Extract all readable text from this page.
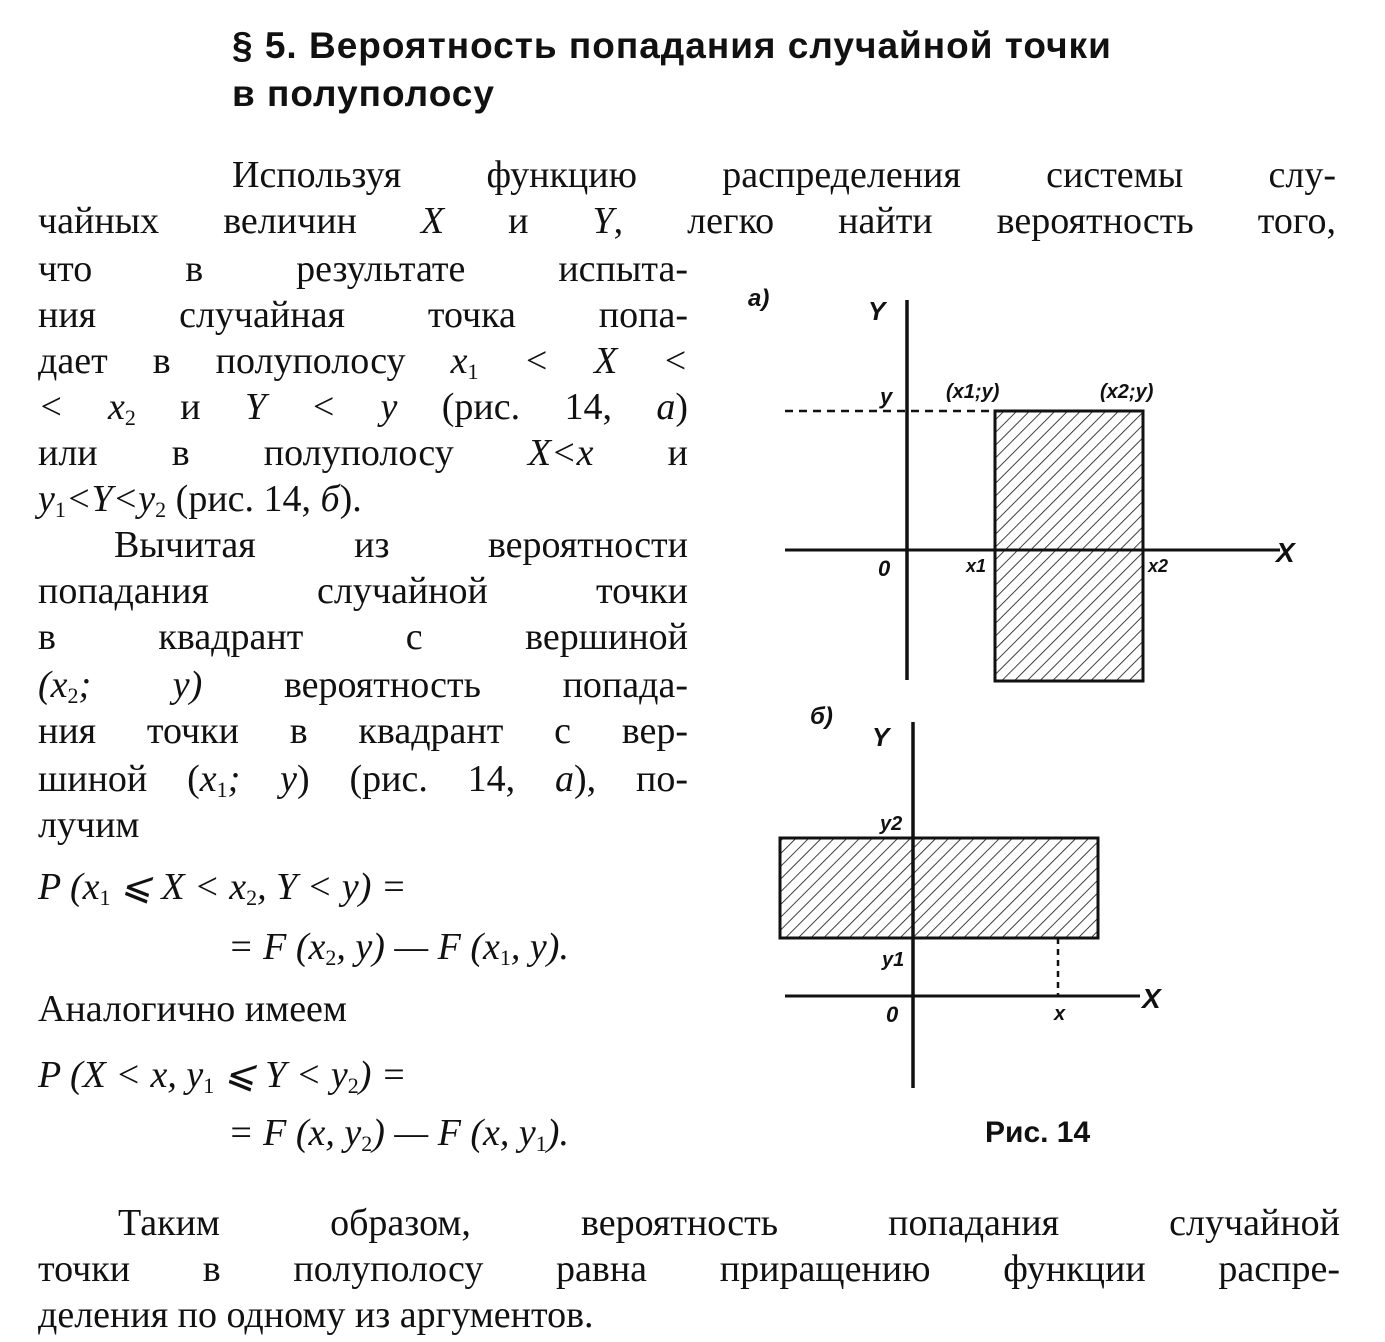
§ 5. Вероятность попадания случайной точки
в полуполосу
Используя функцию распределения системы слу-
чайных величин X и Y, легко найти вероятность того,
что в результате испыта-
ния случайная точка попа-
дает в полуполосу $x_1 < X$ <
< $x_2$ и Y < y (рис. 14, а)
или в полуполосу X<x и
$y_1<Y<y_2$ (рис. 14, б).
Вычитая из вероятности
попадания случайной точки
в квадрант с вершиной
($x_2$; y) вероятность попада-
ния точки в квадрант с вер-
шиной ($x_1$; y) (рис. 14, а), по-
лучим
P ($x_1$ ⩽ $X < x_2$, Y < y) =
= F ($x_2$, y) — F ($x_1$, y).
Аналогично имеем
P (X < x, $y_1$ ⩽ $Y < y_2$) =
= F (x, $y_2$) — F (x, $y_1$).
Таким образом, вероятность попадания случайной
точки в полуполосу равна приращению функции распре-
деления по одному из аргументов.
а)	Y
X
0
y
x1	x2
(x1;y)	(x2;y)
б)
Y
X
0
y2
y1
x
Рис. 14
